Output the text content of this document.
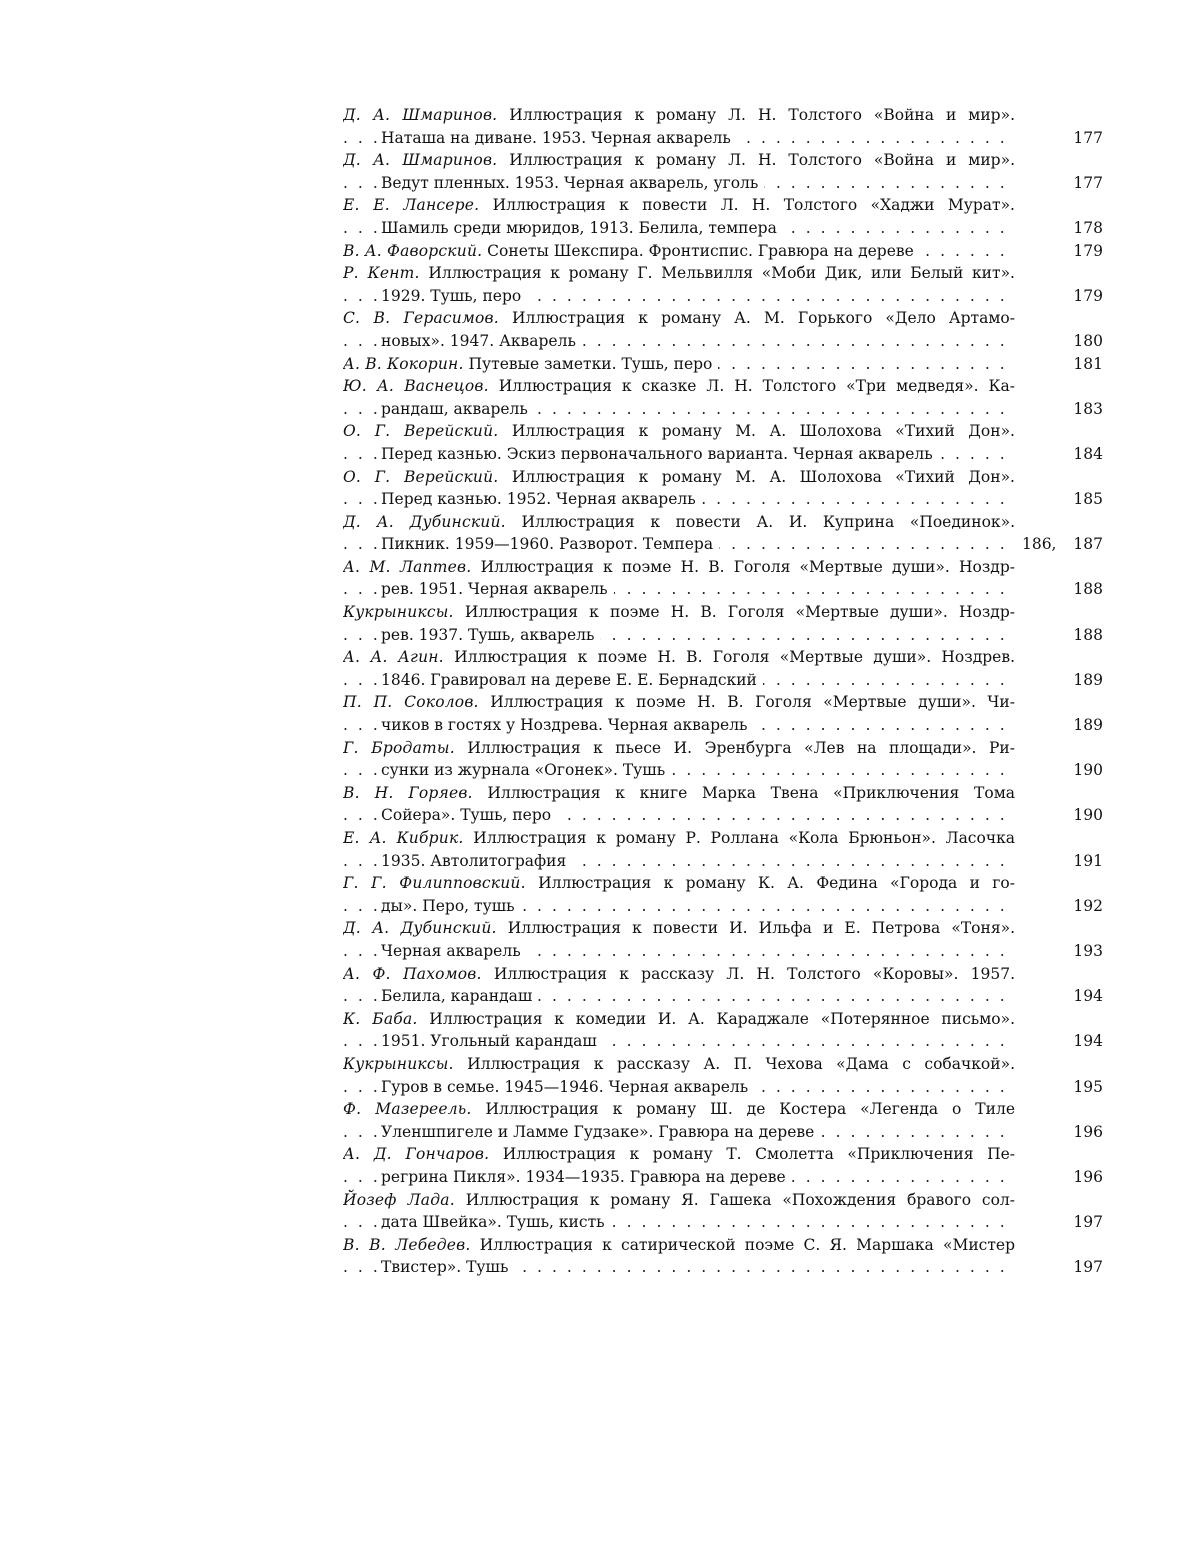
Д. А. Шмаринов. Иллюстрация к роману Л. Н. Толстого «Война и мир».
Наташа на диване. 1953. Черная акварель	177
Д. А. Шмаринов. Иллюстрация к роману Л. Н. Толстого «Война и мир».
Ведут пленных. 1953. Черная акварель, уголь	177
Е. Е. Лансере. Иллюстрация к повести Л. Н. Толстого «Хаджи Мурат».
Шамиль среди мюридов, 1913. Белила, темпера	178
В. А. Фаворский. Сонеты Шекспира. Фронтиспис. Гравюра на дереве	179
Р. Кент. Иллюстрация к роману Г. Мельвилля «Моби Дик, или Белый кит».
.............................................
1929. Тушь, перо	179
С. В. Герасимов. Иллюстрация к роману А. М. Горького «Дело Артамо-
.................................
новых». 1947. Акварель	180
А. В. Кокорин. Путевые заметки. Тушь, перо	181
Ю. А. Васнецов. Иллюстрация к сказке Л. Н. Толстого «Три медведя». Ка-
.............................................
рандаш, акварель	183
О. Г. Верейский. Иллюстрация к роману М. А. Шолохова «Тихий Дон».
Перед казнью. Эскиз первоначального варианта. Черная акварель	184
О. Г. Верейский. Иллюстрация к роману М. А. Шолохова «Тихий Дон».
Перед казнью. 1952. Черная акварель	185
Д. А. Дубинский. Иллюстрация к повести А. И. Куприна «Поединок».
Пикник. 1959—1960. Разворот. Темпера	186, 187
А. М. Лаптев. Иллюстрация к поэме Н. В. Гоголя «Мертвые души». Ноздр-
.................................
рев. 1951. Черная акварель	188
Кукрыниксы. Иллюстрация к поэме Н. В. Гоголя «Мертвые души». Ноздр-
.................................
рев. 1937. Тушь, акварель	188
А. А. Агин. Иллюстрация к поэме Н. В. Гоголя «Мертвые души». Ноздрев.
1846. Гравировал на дереве Е. Е. Бернадский	189
П. П. Соколов. Иллюстрация к поэме Н. В. Гоголя «Мертвые души». Чи-
чиков в гостях у Ноздрева. Черная акварель	189
Г. Бродаты. Иллюстрация к пьесе И. Эренбурга «Лев на площади». Ри-
.................................
сунки из журнала «Огонек». Тушь	190
В. Н. Горяев. Иллюстрация к книге Марка Твена «Приключения Тома
.............................................
Сойера». Тушь, перо	190
Е. А. Кибрик. Иллюстрация к роману Р. Роллана «Кола Брюньон». Ласочка
.................................
1935. Автолитография	191
Г. Г. Филипповский. Иллюстрация к роману К. А. Федина «Города и го-
.............................................
ды». Перо, тушь	192
Д. А. Дубинский. Иллюстрация к повести И. Ильфа и Е. Петрова «Тоня».
.............................................
Черная акварель	193
А. Ф. Пахомов. Иллюстрация к рассказу Л. Н. Толстого «Коровы». 1957.
.............................................
Белила, карандаш	194
К. Баба. Иллюстрация к комедии И. А. Караджале «Потерянное письмо».
.................................
1951. Угольный карандаш	194
Кукрыниксы. Иллюстрация к рассказу А. П. Чехова «Дама с собачкой».
Гуров в семье. 1945—1946. Черная акварель	195
Ф. Мазереель. Иллюстрация к роману Ш. де Костера «Легенда о Тиле
Уленшпигеле и Ламме Гудзаке». Гравюра на дереве	196
А. Д. Гончаров. Иллюстрация к роману Т. Смолетта «Приключения Пе-
регрина Пикля». 1934—1935. Гравюра на дереве	196
Йозеф Лада. Иллюстрация к роману Я. Гашека «Похождения бравого сол-
.................................
дата Швейка». Тушь, кисть	197
В. В. Лебедев. Иллюстрация к сатирической поэме С. Я. Маршака «Мистер
.............................................
Твистер». Тушь	197
